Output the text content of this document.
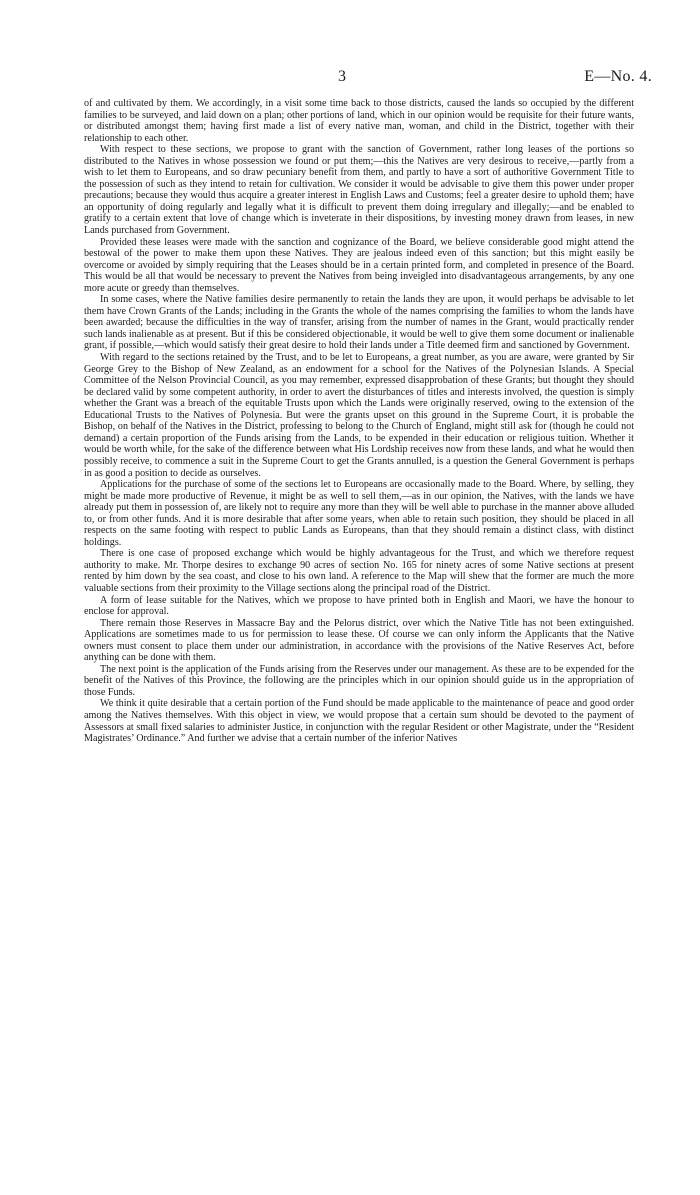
3	E—No. 4.

of and cultivated by them. We accordingly, in a visit some time back to those districts, caused the lands so occupied by the different families to be surveyed, and laid down on a plan; other portions of land, which in our opinion would be requisite for their future wants, or distributed amongst them; having first made a list of every native man, woman, and child in the District, together with their relationship to each other.

With respect to these sections, we propose to grant with the sanction of Government, rather long leases of the portions so distributed to the Natives in whose possession we found or put them;—this the Natives are very desirous to receive,—partly from a wish to let them to Europeans, and so draw pecuniary benefit from them, and partly to have a sort of authoritive Government Title to the possession of such as they intend to retain for cultivation. We consider it would be advisable to give them this power under proper precautions; because they would thus acquire a greater interest in English Laws and Customs; feel a greater desire to uphold them; have an opportunity of doing regularly and legally what it is difficult to prevent them doing irregulary and illegally;—and be enabled to gratify to a certain extent that love of change which is inveterate in their dispositions, by investing money drawn from leases, in new Lands purchased from Government.

Provided these leases were made with the sanction and cognizance of the Board, we believe considerable good might attend the bestowal of the power to make them upon these Natives. They are jealous indeed even of this sanction; but this might easily be overcome or avoided by simply requiring that the Leases should be in a certain printed form, and completed in presence of the Board. This would be all that would be necessary to prevent the Natives from being inveigled into disadvantageous arrangements, by any one more acute or greedy than themselves.

In some cases, where the Native families desire permanently to retain the lands they are upon, it would perhaps be advisable to let them have Crown Grants of the Lands; including in the Grants the whole of the names comprising the families to whom the lands have been awarded; because the difficulties in the way of transfer, arising from the number of names in the Grant, would practically render such lands inalienable as at present. But if this be considered objectionable, it would be well to give them some document or inalienable grant, if possible,—which would satisfy their great desire to hold their lands under a Title deemed firm and sanctioned by Government.

With regard to the sections retained by the Trust, and to be let to Europeans, a great number, as you are aware, were granted by Sir George Grey to the Bishop of New Zealand, as an endowment for a school for the Natives of the Polynesian Islands. A Special Committee of the Nelson Provincial Council, as you may remember, expressed disapprobation of these Grants; but thought they should be declared valid by some competent authority, in order to avert the disturbances of titles and interests involved, the question is simply whether the Grant was a breach of the equitable Trusts upon which the Lands were originally reserved, owing to the extension of the Educational Trusts to the Natives of Polynesia. But were the grants upset on this ground in the Supreme Court, it is probable the Bishop, on behalf of the Natives in the District, professing to belong to the Church of England, might still ask for (though he could not demand) a certain proportion of the Funds arising from the Lands, to be expended in their education or religious tuition. Whether it would be worth while, for the sake of the difference between what His Lordship receives now from these lands, and what he would then possibly receive, to commence a suit in the Supreme Court to get the Grants annulled, is a question the General Government is perhaps in as good a position to decide as ourselves.

Applications for the purchase of some of the sections let to Europeans are occasionally made to the Board. Where, by selling, they might be made more productive of Revenue, it might be as well to sell them,—as in our opinion, the Natives, with the lands we have already put them in possession of, are likely not to require any more than they will be well able to purchase in the manner above alluded to, or from other funds. And it is more desirable that after some years, when able to retain such position, they should be placed in all respects on the same footing with respect to public Lands as Europeans, than that they should remain a distinct class, with distinct holdings.

There is one case of proposed exchange which would be highly advantageous for the Trust, and which we therefore request authority to make. Mr. Thorpe desires to exchange 90 acres of section No. 165 for ninety acres of some Native sections at present rented by him down by the sea coast, and close to his own land. A reference to the Map will shew that the former are much the more valuable sections from their proximity to the Village sections along the principal road of the District.

A form of lease suitable for the Natives, which we propose to have printed both in English and Maori, we have the honour to enclose for approval.

There remain those Reserves in Massacre Bay and the Pelorus district, over which the Native Title has not been extinguished. Applications are sometimes made to us for permission to lease these. Of course we can only inform the Applicants that the Native owners must consent to place them under our administration, in accordance with the provisions of the Native Reserves Act, before anything can be done with them.

The next point is the application of the Funds arising from the Reserves under our management. As these are to be expended for the benefit of the Natives of this Province, the following are the principles which in our opinion should guide us in the appropriation of those Funds.

We think it quite desirable that a certain portion of the Fund should be made applicable to the maintenance of peace and good order among the Natives themselves. With this object in view, we would propose that a certain sum should be devoted to the payment of Assessors at small fixed salaries to administer Justice, in conjunction with the regular Resident or other Magistrate, under the “Resident Magistrates’ Ordinance.” And further we advise that a certain number of the inferior Natives
